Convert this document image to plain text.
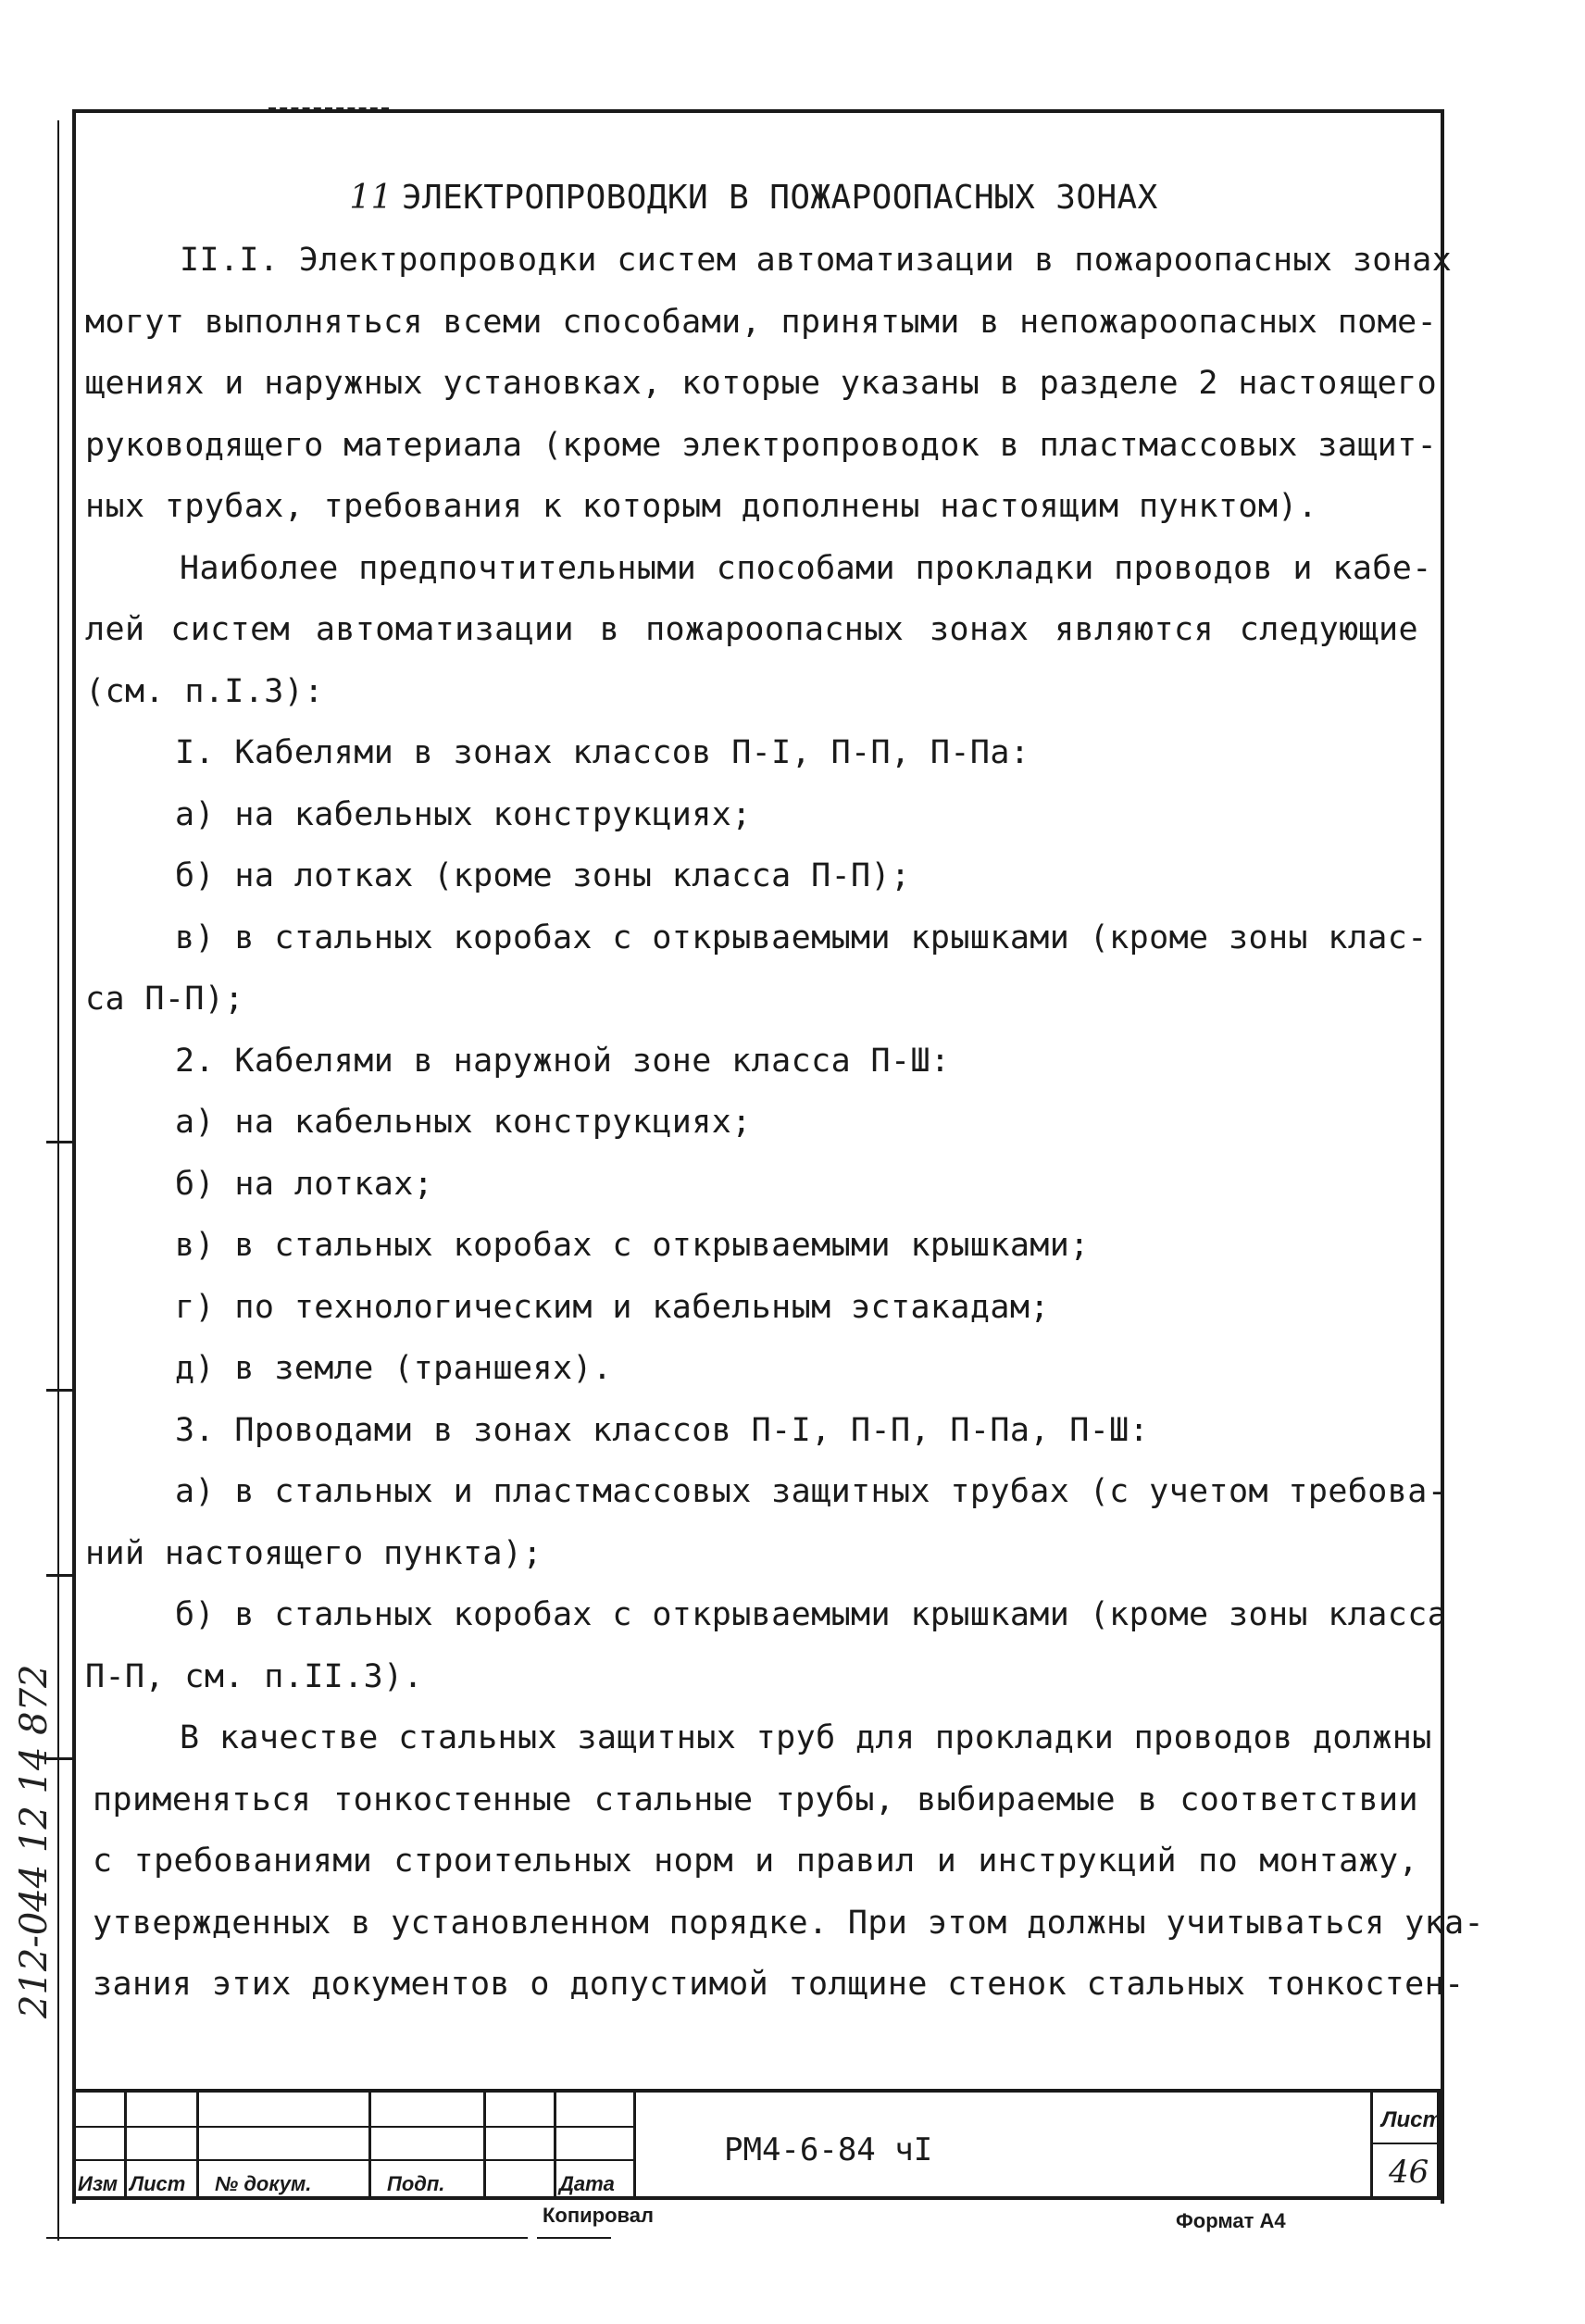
11 ЭЛЕКТРОПРОВОДКИ В ПОЖАРООПАСНЫХ ЗОНАХ
II.I. Электропроводки систем автоматизации в пожароопасных зонах
могут выполняться всеми способами, принятыми в непожароопасных поме-
щениях и наружных установках, которые указаны в разделе 2 настоящего
руководящего материала (кроме электропроводок в пластмассовых защит-
ных трубах, требования к которым дополнены настоящим пунктом).
Наиболее предпочтительными способами прокладки проводов и кабе-
лей систем автоматизации в пожароопасных зонах являются следующие
(см. п.I.3):
I. Кабелями в зонах классов П-I, П-П, П-Па:
а) на кабельных конструкциях;
б) на лотках (кроме зоны класса П-П);
в) в стальных коробах с открываемыми крышками (кроме зоны клас-
са П-П);
2. Кабелями в наружной зоне класса П-Ш:
а) на кабельных конструкциях;
б) на лотках;
в) в стальных коробах с открываемыми крышками;
г) по технологическим и кабельным эстакадам;
д) в земле (траншеях).
3. Проводами в зонах классов П-I, П-П, П-Па, П-Ш:
а) в стальных и пластмассовых защитных трубах (с учетом требова-
ний настоящего пункта);
б) в стальных коробах с открываемыми крышками (кроме зоны класса
П-П, см. п.II.3).
В качестве стальных защитных труб для прокладки проводов должны
применяться тонкостенные стальные трубы, выбираемые в соответствии
с требованиями строительных норм и правил и инструкций по монтажу,
утвержденных в установленном порядке. При этом должны учитываться ука-
зания этих документов о допустимой толщине стенок стальных тонкостен-
212-044 12 14 872
Изм Лист № докум.	Подп.	Дата
РМ4-6-84 чI
Лист
46
Копировал	Формат А4
